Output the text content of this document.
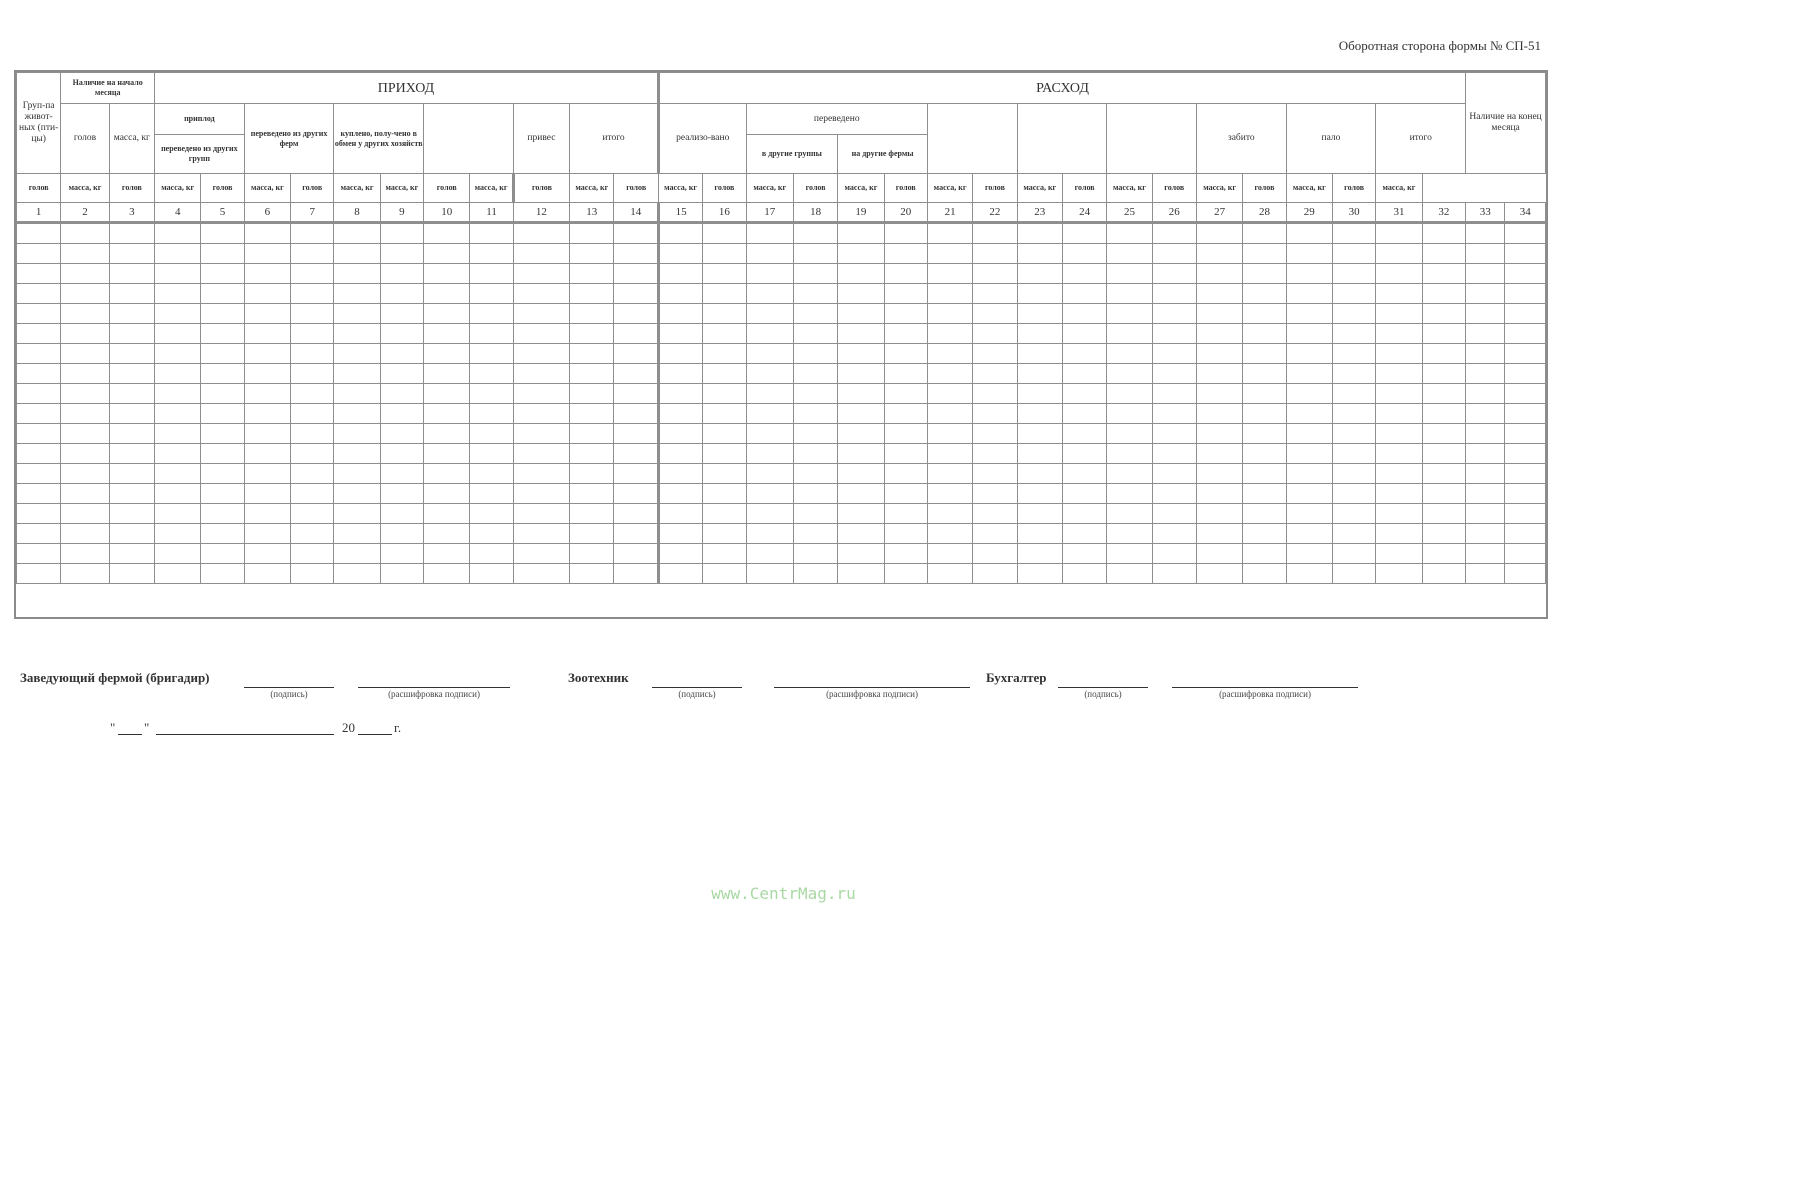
Оборотная сторона формы № СП-51
Груп-па живот-ных (пти-цы)	Наличие на начало месяца		ПРИХОД											РАСХОД																		Наличие на конец месяца	

	голов	масса, кг	приплод		переведено из других ферм		куплено, полу-чено в обмен у других хозяйств				привес	итого		реализо-вано		переведено										забито		пало		итого			
			переведено из других групп													в другие группы		на другие фермы															
голов	масса, кг	голов	масса, кг	голов	масса, кг	голов	масса, кг	масса, кг	голов	масса, кг	голов	масса, кг	голов	масса, кг	голов	масса, кг	голов	масса, кг	голов	масса, кг	голов	масса, кг	голов	масса, кг	голов	масса, кг	голов	масса, кг	голов	масса, кг			
1	2	3	4	5	6	7	8	9	10	11	12	13	14	15	16	17	18	19	20	21	22	23	24	25	26	27	28	29	30	31	32	33	34

Заведующий фермой (бригадир)
(подпись)	(расшифровка подписи)
Зоотехник
(подпись)	(расшифровка подписи)
Бухгалтер
(подпись)	(расшифровка подписи)
" "	20	г.
www.CentrMag.ru
